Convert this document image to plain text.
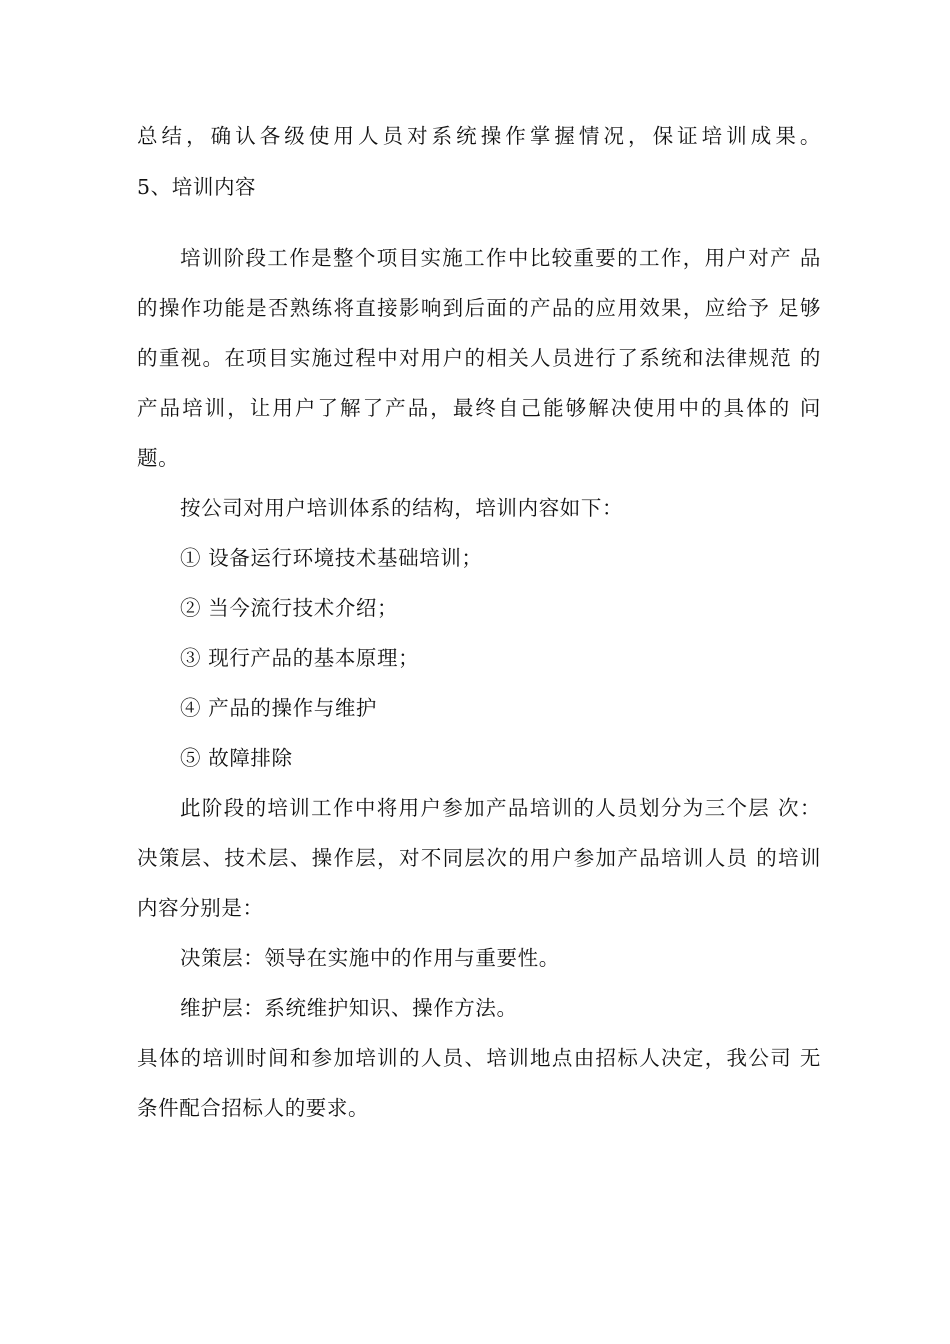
总结，确认各级使用人员对系统操作掌握情况，保证培训成果。
5、培训内容
培训阶段工作是整个项目实施工作中比较重要的工作，用户对产 品
的操作功能是否熟练将直接影响到后面的产品的应用效果，应给予 足够
的重视。在项目实施过程中对用户的相关人员进行了系统和法律规范 的
产品培训，让用户了解了产品，最终自己能够解决使用中的具体的 问
题。
按公司对用户培训体系的结构，培训内容如下：
① 设备运行环境技术基础培训；
② 当今流行技术介绍；
③ 现行产品的基本原理；
④ 产品的操作与维护
⑤ 故障排除
此阶段的培训工作中将用户参加产品培训的人员划分为三个层 次：
决策层、技术层、操作层，对不同层次的用户参加产品培训人员 的培训
内容分别是：
决策层：领导在实施中的作用与重要性。
维护层：系统维护知识、操作方法。
具体的培训时间和参加培训的人员、培训地点由招标人决定，我公司 无
条件配合招标人的要求。
